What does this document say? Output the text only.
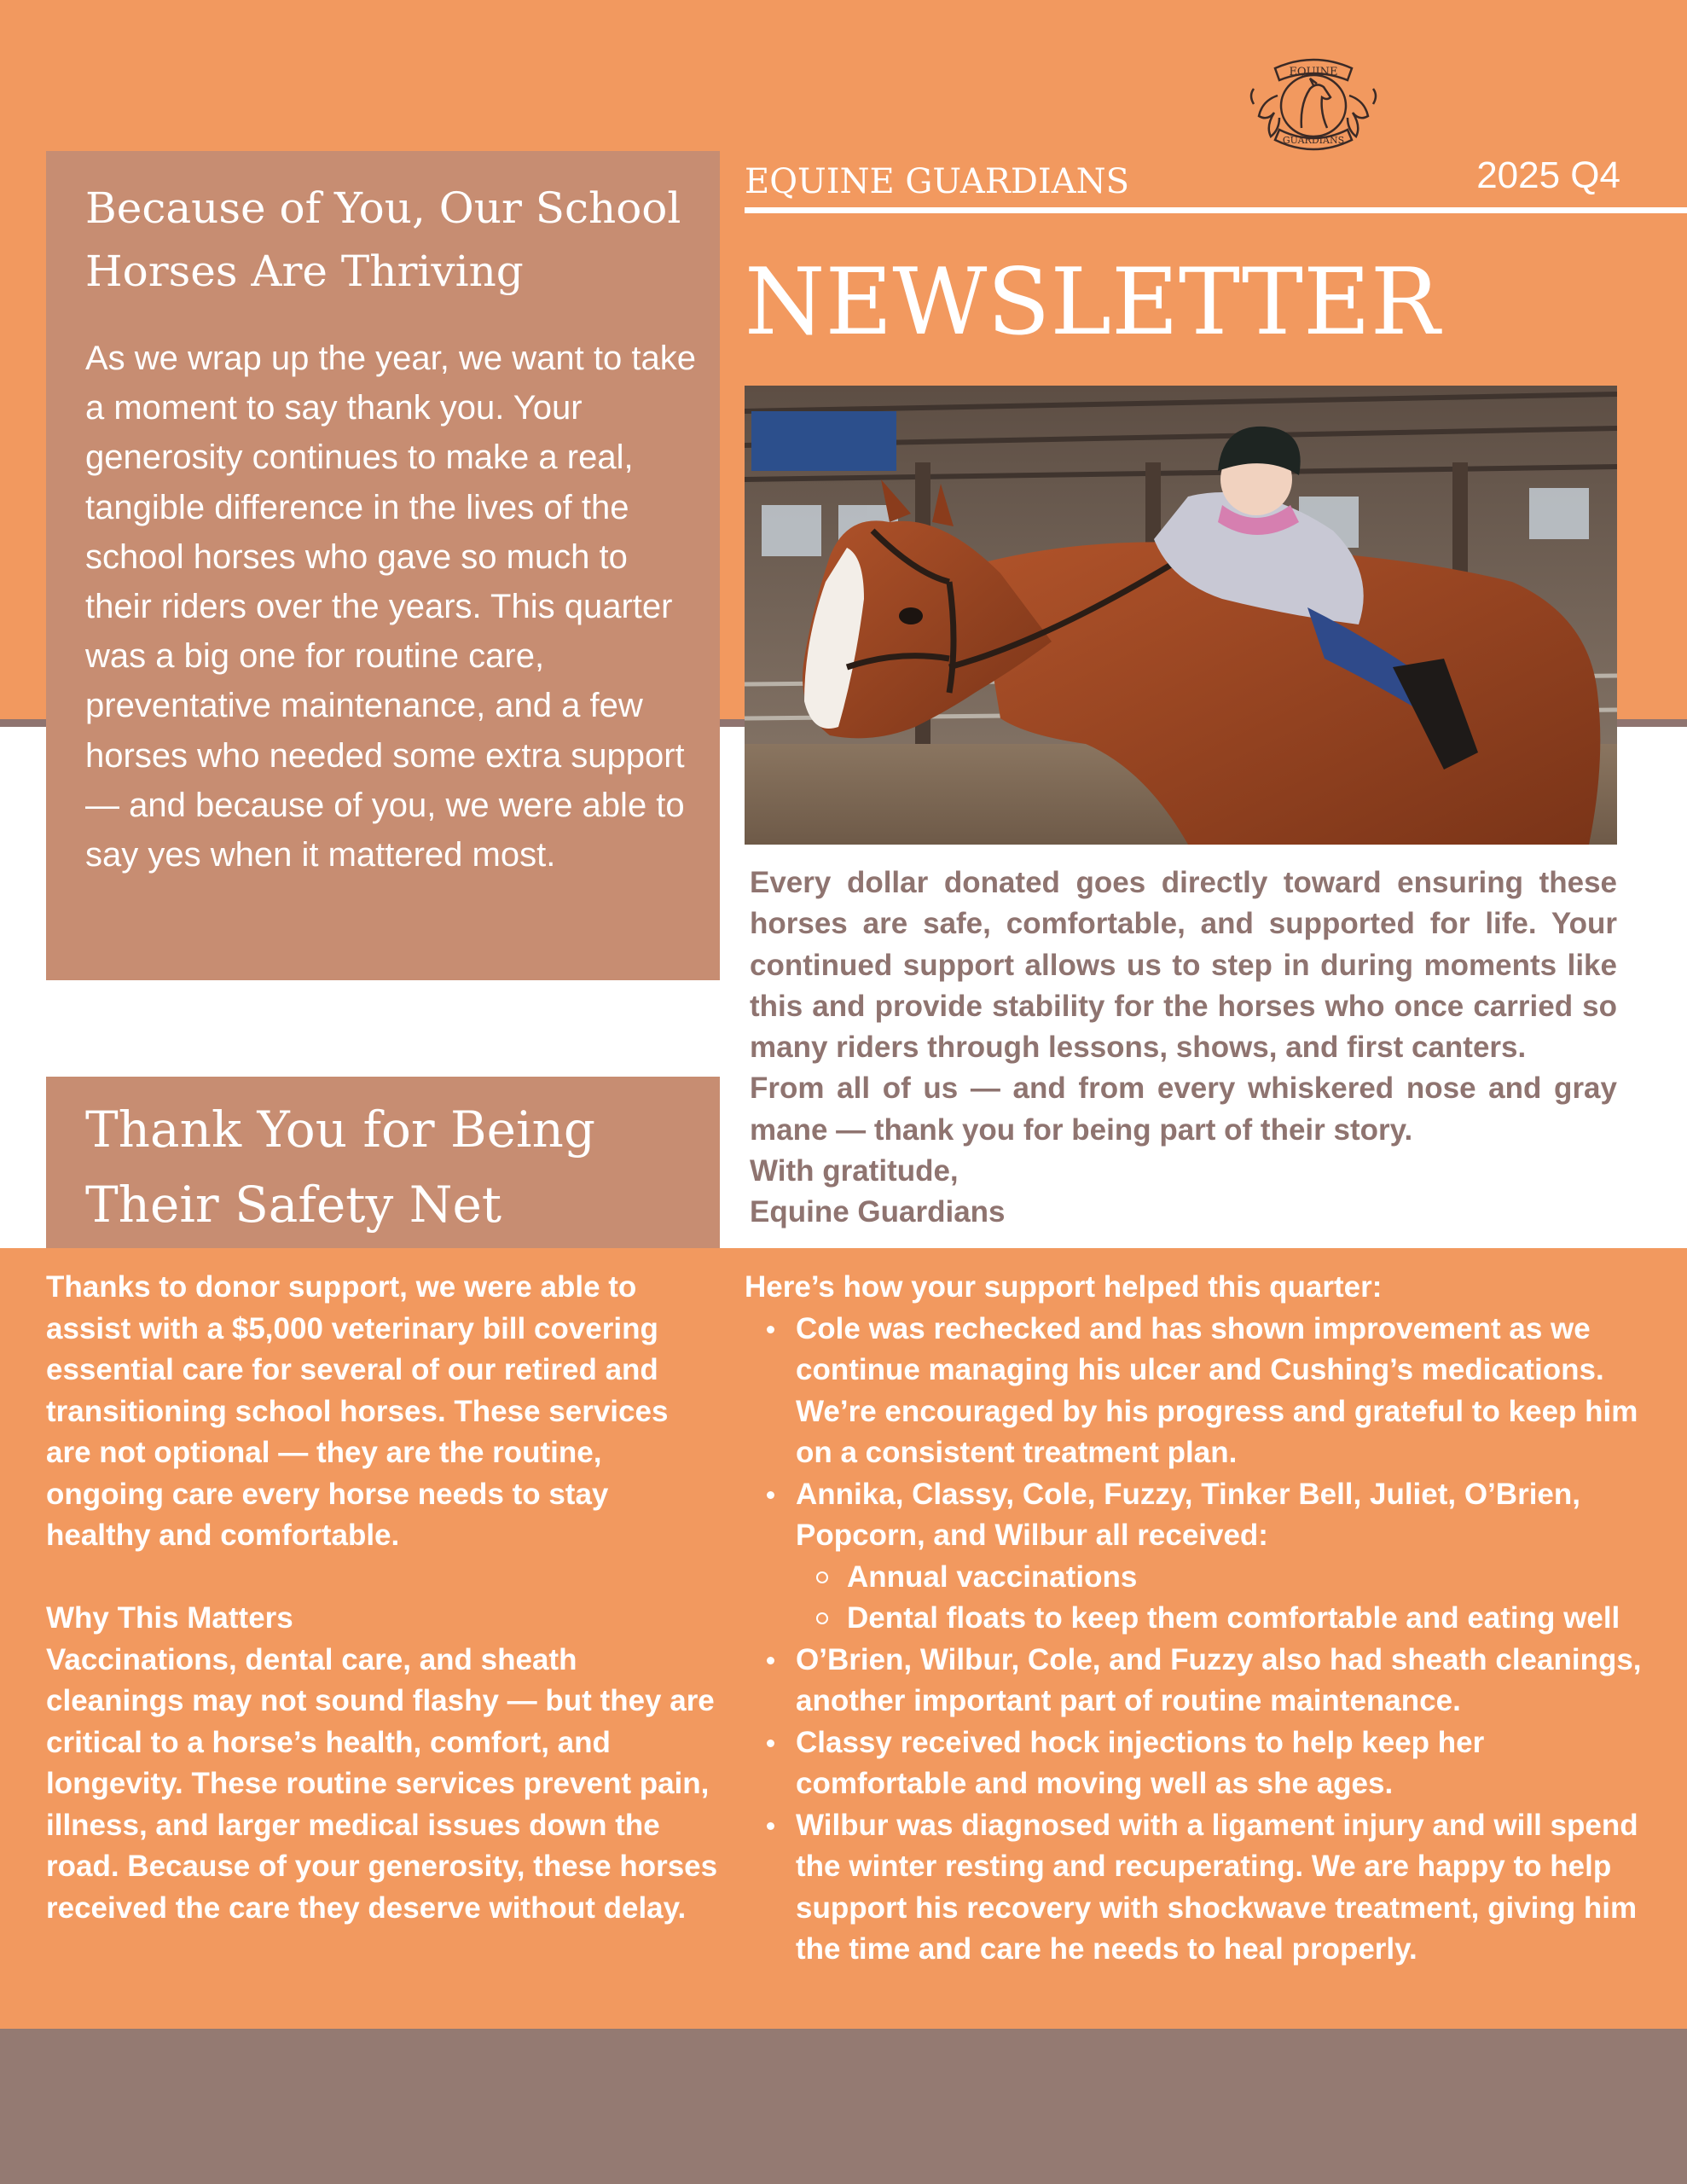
EQUINE
GUARDIANS
EQUINE GUARDIANS	2025 Q4
NEWSLETTER
Because of You, Our School Horses Are Thriving
As we wrap up the year, we want to take a moment to say thank you. Your generosity continues to make a real, tangible difference in the lives of the school horses who gave so much to their riders over the years. This quarter was a big one for routine care, preventative maintenance, and a few horses who needed some extra support — and because of you, we were able to say yes when it mattered most.
Thank You for Being Their Safety Net

Every dollar donated goes directly toward ensuring these horses are safe, comfortable, and supported for life. Your continued support allows us to step in during moments like this and provide stability for the horses who once carried so many riders through lessons, shows, and first canters.

From all of us — and from every whiskered nose and gray mane — thank you for being part of their story.

With gratitude,

Equine Guardians

Thanks to donor support, we were able to assist with a $5,000 veterinary bill covering essential care for several of our retired and transitioning school horses. These services are not optional — they are the routine, ongoing care every horse needs to stay healthy and comfortable.

Why This Matters

Vaccinations, dental care, and sheath cleanings may not sound flashy — but they are critical to a horse’s health, comfort, and longevity. These routine services prevent pain, illness, and larger medical issues down the road. Because of your generosity, these horses received the care they deserve without delay.

Here’s how your support helped this quarter:

Cole was rechecked and has shown improvement as we continue managing his ulcer and Cushing’s medications. We’re encouraged by his progress and grateful to keep him on a consistent treatment plan.
Annika, Classy, Cole, Fuzzy, Tinker Bell, Juliet, O’Brien, Popcorn, and Wilbur all received:
Annual vaccinations
Dental floats to keep them comfortable and eating well
O’Brien, Wilbur, Cole, and Fuzzy also had sheath cleanings, another important part of routine maintenance.
Classy received hock injections to help keep her comfortable and moving well as she ages.
Wilbur was diagnosed with a ligament injury and will spend the winter resting and recuperating. We are happy to help support his recovery with shockwave treatment, giving him the time and care he needs to heal properly.
